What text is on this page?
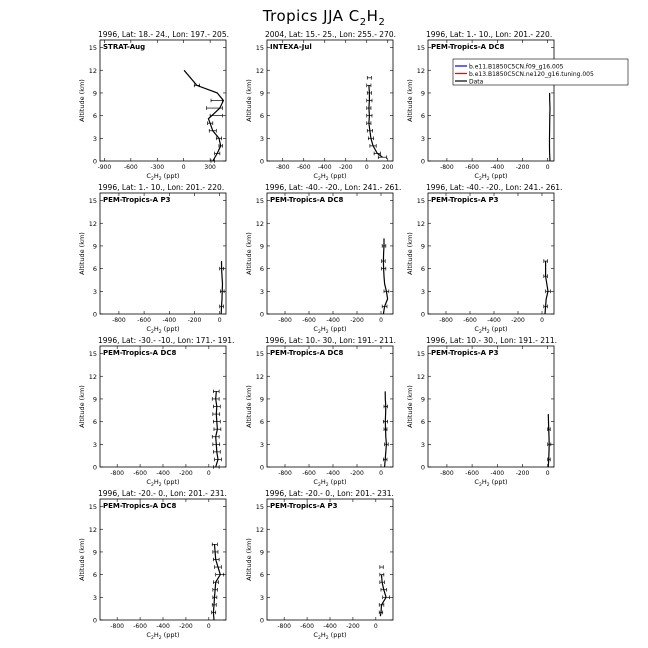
Tropics JJA $C_2H_2$
1996, Lat: 18.- 24., Lon: 197.- 205.
STRAT-Aug
0
3
6
9
12
15
-900 -600 -300	0	300
$C_2H_2$ (ppt)
Altitude (km)
2004, Lat: 15.- 25., Lon: 255.- 270.
INTEXA-Jul
0
3
6
9
12
15
-800 -600 -400 -200 0 200
$C_2H_2$ (ppt)
Altitude (km)
1996, Lat: 1.- 10., Lon: 201.- 220.
PEM-Tropics-A DC8
0
3
6
9
12
15
-800 -600 -400 -200	0
$C_2H_2$ (ppt)
Altitude (km)
b.e11.B1850C5CN.f09_g16.005
b.e13.B1850C5CN.ne120_g16.tuning.005
Data
1996, Lat: 1.- 10., Lon: 201.- 220.
PEM-Tropics-A P3
0
3
6
9
12
15
-800 -600 -400 -200	0
$C_2H_2$ (ppt)
Altitude (km)
1996, Lat: -40.- -20., Lon: 241.- 261.
PEM-Tropics-A DC8
0
3
6
9
12
15
-800 -600 -400 -200	0
$C_2H_2$ (ppt)
Altitude (km)
1996, Lat: -40.- -20., Lon: 241.- 261.
PEM-Tropics-A P3
0
3
6
9
12
15
-800 -600 -400 -200	0
$C_2H_2$ (ppt)
Altitude (km)
1996, Lat: -30.- -10., Lon: 171.- 191.
PEM-Tropics-A DC8
0
3
6
9
12
15
-800 -600 -400 -200 0
$C_2H_2$ (ppt)
Altitude (km)
1996, Lat: 10.- 30., Lon: 191.- 211.
PEM-Tropics-A DC8
0
3
6
9
12
15
-800 -600 -400 -200	0
$C_2H_2$ (ppt)
Altitude (km)
1996, Lat: 10.- 30., Lon: 191.- 211.
PEM-Tropics-A P3
0
3
6
9
12
15
-800 -600 -400 -200	0
$C_2H_2$ (ppt)
Altitude (km)
1996, Lat: -20.- 0., Lon: 201.- 231.
PEM-Tropics-A DC8
0
3
6
9
12
15
-800 -600 -400 -200 0
$C_2H_2$ (ppt)
Altitude (km)
1996, Lat: -20.- 0., Lon: 201.- 231.
PEM-Tropics-A P3
0
3
6
9
12
15
-800 -600 -400 -200 0
$C_2H_2$ (ppt)
Altitude (km)
